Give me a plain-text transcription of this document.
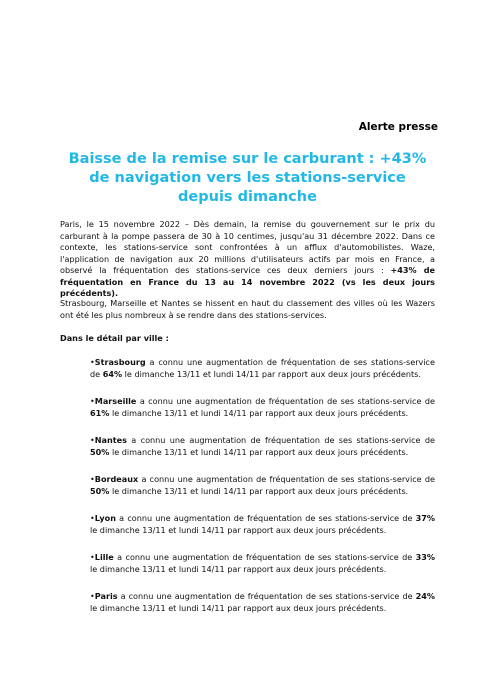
Alerte presse
Baisse de la remise sur le carburant : +43% de navigation vers les stations-service depuis dimanche
Paris, le 15 novembre 2022 – Dès demain, la remise du gouvernement sur le prix du carburant à la pompe passera de 30 à 10 centimes, jusqu'au 31 décembre 2022. Dans ce contexte, les stations-service sont confrontées à un afflux d'automobilistes. Waze, l'application de navigation aux 20 millions d'utilisateurs actifs par mois en France, a observé la fréquentation des stations-service ces deux derniers jours : +43% de fréquentation en France du 13 au 14 novembre 2022 (vs les deux jours précédents).
Strasbourg, Marseille et Nantes se hissent en haut du classement des villes où les Wazers ont été les plus nombreux à se rendre dans des stations-services.
Dans le détail par ville :
•Strasbourg a connu une augmentation de fréquentation de ses stations-service de 64% le dimanche 13/11 et lundi 14/11 par rapport aux deux jours précédents.
•Marseille a connu une augmentation de fréquentation de ses stations-service de 61% le dimanche 13/11 et lundi 14/11 par rapport aux deux jours précédents.
•Nantes a connu une augmentation de fréquentation de ses stations-service de 50% le dimanche 13/11 et lundi 14/11 par rapport aux deux jours précédents.
•Bordeaux a connu une augmentation de fréquentation de ses stations-service de 50% le dimanche 13/11 et lundi 14/11 par rapport aux deux jours précédents.
•Lyon a connu une augmentation de fréquentation de ses stations-service de 37% le dimanche 13/11 et lundi 14/11 par rapport aux deux jours précédents.
•Lille a connu une augmentation de fréquentation de ses stations-service de 33% le dimanche 13/11 et lundi 14/11 par rapport aux deux jours précédents.
•Paris a connu une augmentation de fréquentation de ses stations-service de 24% le dimanche 13/11 et lundi 14/11 par rapport aux deux jours précédents.
